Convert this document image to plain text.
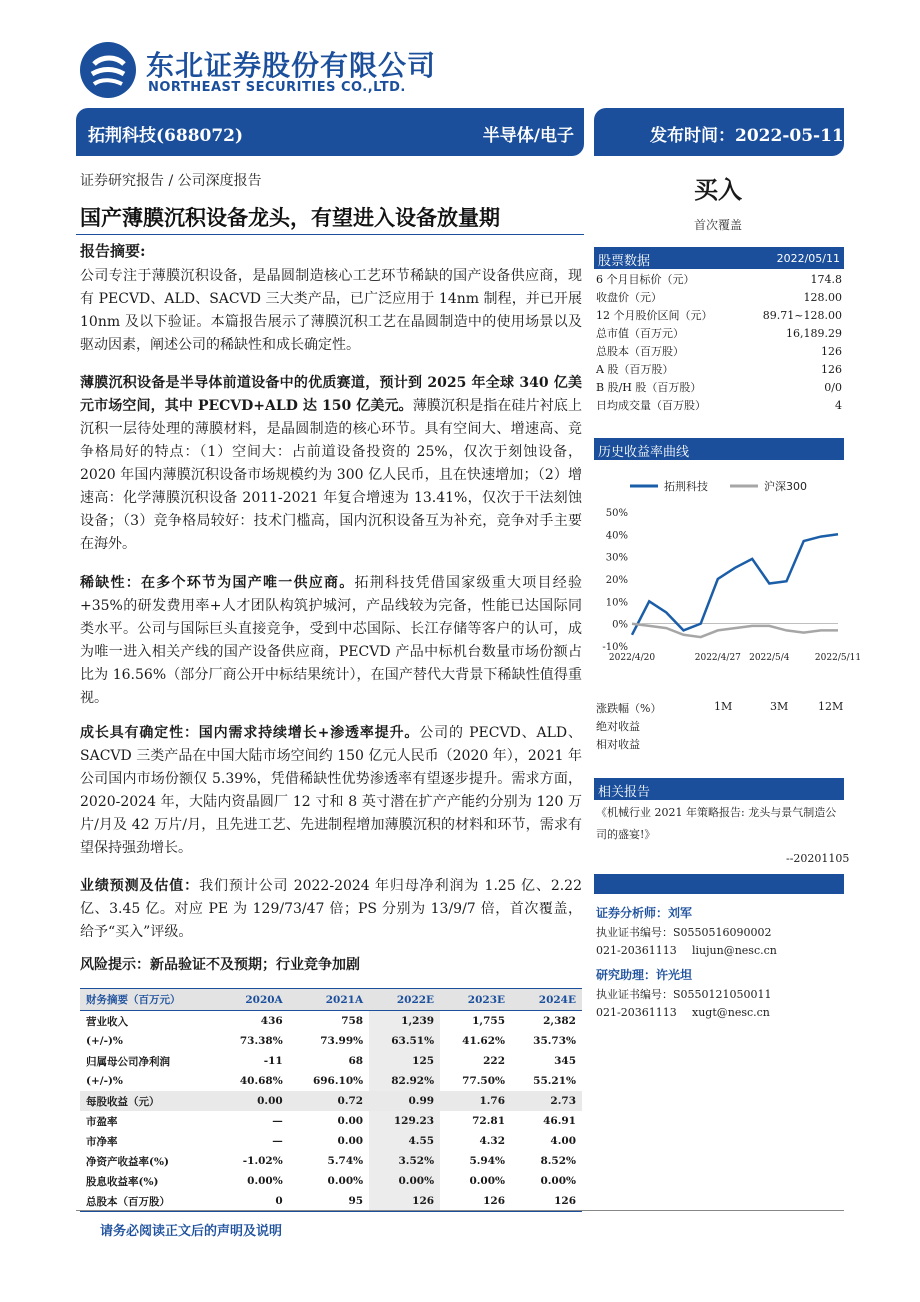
东北证券股份有限公司
NORTHEAST SECURITIES CO.,LTD.
拓荆科技(688072)	半导体/电子	发布时间：2022-05-11
证券研究报告 / 公司深度报告	买入
首次覆盖
国产薄膜沉积设备龙头，有望进入设备放量期
报告摘要:
公司专注于薄膜沉积设备，是晶圆制造核心工艺环节稀缺的国产设备供应商，现有 PECVD、ALD、SACVD 三大类产品，已广泛应用于 14nm 制程，并已开展 10nm 及以下验证。本篇报告展示了薄膜沉积工艺在晶圆制造中的使用场景以及驱动因素，阐述公司的稀缺性和成长确定性。
薄膜沉积设备是半导体前道设备中的优质赛道，预计到 2025 年全球 340 亿美元市场空间，其中 PECVD+ALD 达 150 亿美元。薄膜沉积是指在硅片衬底上沉积一层待处理的薄膜材料，是晶圆制造的核心环节。具有空间大、增速高、竞争格局好的特点：（1）空间大：占前道设备投资的 25%，仅次于刻蚀设备，2020 年国内薄膜沉积设备市场规模约为 300 亿人民币，且在快速增加；（2）增速高：化学薄膜沉积设备 2011-2021 年复合增速为 13.41%，仅次于干法刻蚀设备；（3）竞争格局较好：技术门槛高，国内沉积设备互为补充，竞争对手主要在海外。
稀缺性：在多个环节为国产唯一供应商。拓荆科技凭借国家级重大项目经验+35%的研发费用率+人才团队构筑护城河，产品线较为完备，性能已达国际同类水平。公司与国际巨头直接竞争，受到中芯国际、长江存储等客户的认可，成为唯一进入相关产线的国产设备供应商，PECVD 产品中标机台数量市场份额占比为 16.56%（部分厂商公开中标结果统计），在国产替代大背景下稀缺性值得重视。
成长具有确定性：国内需求持续增长+渗透率提升。公司的 PECVD、ALD、SACVD 三类产品在中国大陆市场空间约 150 亿元人民币（2020 年），2021 年公司国内市场份额仅 5.39%，凭借稀缺性优势渗透率有望逐步提升。需求方面，2020-2024 年，大陆内资晶圆厂 12 寸和 8 英寸潜在扩产产能约分别为 120 万片/月及 42 万片/月，且先进工艺、先进制程增加薄膜沉积的材料和环节，需求有望保持强劲增长。
业绩预测及估值：我们预计公司 2022-2024 年归母净利润为 1.25 亿、2.22 亿、3.45 亿。对应 PE 为 129/73/47 倍；PS 分别为 13/9/7 倍，首次覆盖，给予“买入”评级。
风险提示：新品验证不及预期；行业竞争加剧
财务摘要（百万元）	2020A	2021A	2022E	2023E	2024E
营业收入	436	758	1,239	1,755	2,382
(+/-)%	73.38%	73.99%	63.51%	41.62%	35.73%
归属母公司净利润	-11	68	125	222	345
(+/-)%	40.68%	696.10%	82.92%	77.50%	55.21%
每股收益（元）	0.00	0.72	0.99	1.76	2.73
市盈率	—	0.00	129.23	72.81	46.91
市净率	—	0.00	4.55	4.32	4.00
净资产收益率(%)	-1.02%	5.74%	3.52%	5.94%	8.52%
股息收益率(%)	0.00%	0.00%	0.00%	0.00%	0.00%
总股本（百万股）	0	95	126	126	126
股票数据	2022/05/11
6 个月目标价（元）	174.8
收盘价（元）	128.00
12 个月股价区间（元）	89.71~128.00
总市值（百万元）	16,189.29
总股本（百万股）	126
A 股（百万股）	126
B 股/H 股（百万股）	0/0
日均成交量（百万股）	4
历史收益率曲线
拓荆科技	沪深300
50%
40%
30%
20%
10%
0%
-10%
2022/4/20	2022/4/27 2022/5/4	2022/5/11
涨跌幅（%）	1M	3M	12M
绝对收益
相对收益
相关报告
《机械行业 2021 年策略报告: 龙头与景气制造公司的盛宴!》
--20201105
证券分析师：刘军
执业证书编号：S0550516090002
021-20361113 liujun@nesc.cn
研究助理：许光坦
执业证书编号：S0550121050011
021-20361113 xugt@nesc.cn
请务必阅读正文后的声明及说明
